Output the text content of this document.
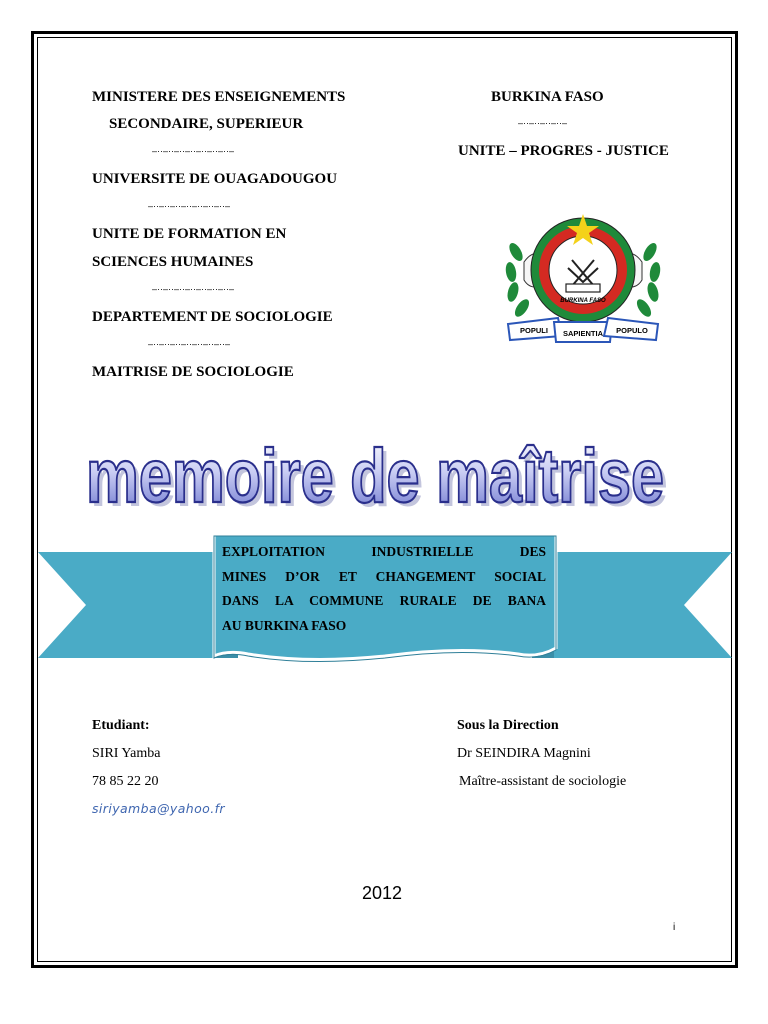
MINISTERE DES ENSEIGNEMENTS
SECONDAIRE, SUPERIEUR
–··–··–··–··–··–··–··–
UNIVERSITE DE OUAGADOUGOU
–··–··–··–··–··–··–··–
UNITE DE FORMATION EN
SCIENCES HUMAINES
–··–··–··–··–··–··–··–
DEPARTEMENT DE SOCIOLOGIE
–··–··–··–··–··–··–··–
MAITRISE DE SOCIOLOGIE
BURKINA FASO
–··–··–··–··–
UNITE – PROGRES - JUSTICE
BURKINA FASO
POPULI SAPIENTIA POPULO
memoire de maîtrise
memoire de maîtrise
EXPLOITATION INDUSTRIELLE DES
MINES D’OR ET CHANGEMENT SOCIAL
DANS LA COMMUNE RURALE DE BANA
AU BURKINA FASO
Etudiant:
SIRI Yamba
78 85 22 20
siriyamba@yahoo.fr
Sous la Direction
Dr SEINDIRA Magnini
Maître-assistant de sociologie
2012
i
